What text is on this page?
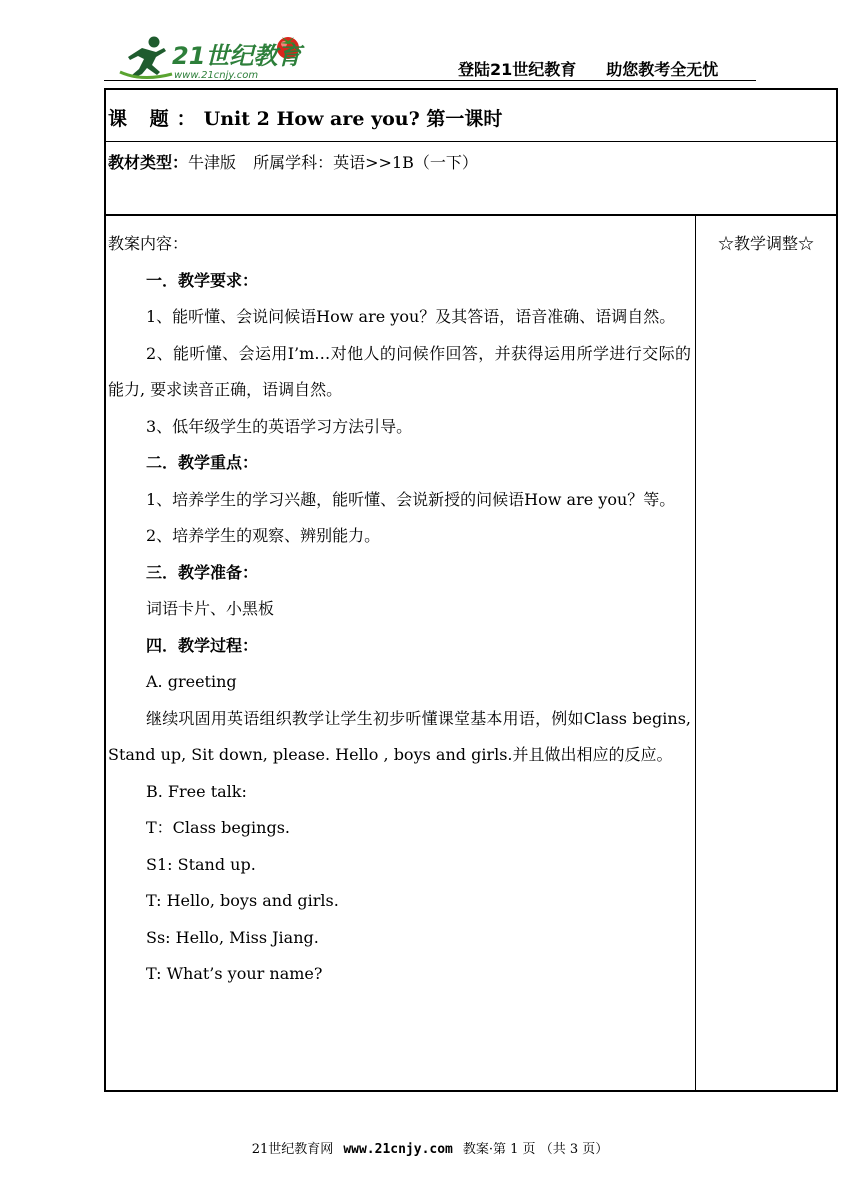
21世纪教育
www.21cnjy.com	登陆21世纪教育 助您教考全无忧
课 题：Unit 2 How are you? 第一课时
教材类型：牛津版 所属学科：英语>>1B（一下）

教案内容：

一．教学要求：

1、能听懂、会说问候语How are you？及其答语，语音准确、语调自然。

2、能听懂、会运用I’m…对他人的问候作回答，并获得运用所学进行交际的能力, 要求读音正确，语调自然。

3、低年级学生的英语学习方法引导。

二．教学重点：

1、培养学生的学习兴趣，能听懂、会说新授的问候语How are you？等。

2、培养学生的观察、辨别能力。

三．教学准备：

词语卡片、小黑板

四．教学过程：

A. greeting

继续巩固用英语组织教学让学生初步听懂课堂基本用语，例如Class begins, Stand up, Sit down, please. Hello , boys and girls.并且做出相应的反应。

B. Free talk:

T：Class begings.

S1: Stand up.

T: Hello, boys and girls.

Ss: Hello, Miss Jiang.

T: What’s your name?

☆教学调整☆
21世纪教育网 www.21cnjy.com 教案·第 1 页 （共 3 页）
